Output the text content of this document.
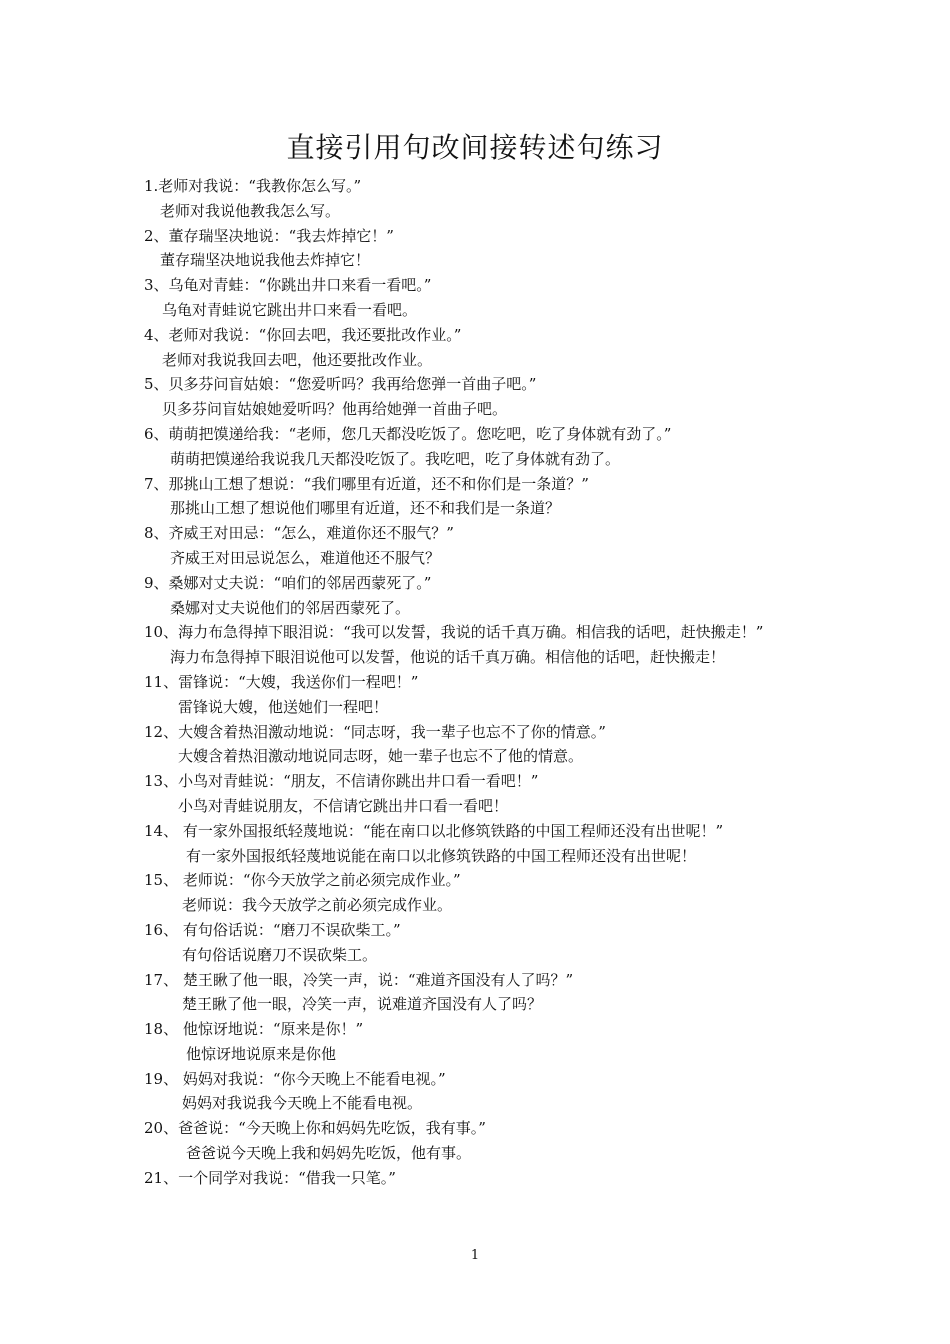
直接引用句改间接转述句练习
1.老师对我说：“我教你怎么写。”
老师对我说他教我怎么写。
2、董存瑞坚决地说：“我去炸掉它！”
董存瑞坚决地说我他去炸掉它！
3、乌龟对青蛙：“你跳出井口来看一看吧。”
乌龟对青蛙说它跳出井口来看一看吧。
4、老师对我说：“你回去吧，我还要批改作业。”
老师对我说我回去吧，他还要批改作业。
5、贝多芬问盲姑娘：“您爱听吗？我再给您弹一首曲子吧。”
贝多芬问盲姑娘她爱听吗？他再给她弹一首曲子吧。
6、萌萌把馍递给我：“老师，您几天都没吃饭了。您吃吧，吃了身体就有劲了。”
萌萌把馍递给我说我几天都没吃饭了。我吃吧，吃了身体就有劲了。
7、那挑山工想了想说：“我们哪里有近道，还不和你们是一条道？”
那挑山工想了想说他们哪里有近道，还不和我们是一条道？
8、齐威王对田忌：“怎么，难道你还不服气？”
齐威王对田忌说怎么，难道他还不服气？
9、桑娜对丈夫说：“咱们的邻居西蒙死了。”
桑娜对丈夫说他们的邻居西蒙死了。
10、海力布急得掉下眼泪说：“我可以发誓，我说的话千真万确。相信我的话吧，赶快搬走！”
海力布急得掉下眼泪说他可以发誓，他说的话千真万确。相信他的话吧，赶快搬走！
11、雷锋说：“大嫂，我送你们一程吧！”
雷锋说大嫂，他送她们一程吧！
12、大嫂含着热泪激动地说：“同志呀，我一辈子也忘不了你的情意。”
大嫂含着热泪激动地说同志呀，她一辈子也忘不了他的情意。
13、小鸟对青蛙说：“朋友，不信请你跳出井口看一看吧！”
小鸟对青蛙说朋友，不信请它跳出井口看一看吧！
14、 有一家外国报纸轻蔑地说：“能在南口以北修筑铁路的中国工程师还没有出世呢！”
有一家外国报纸轻蔑地说能在南口以北修筑铁路的中国工程师还没有出世呢！
15、 老师说：“你今天放学之前必须完成作业。”
老师说：我今天放学之前必须完成作业。
16、 有句俗话说：“磨刀不误砍柴工。”
有句俗话说磨刀不误砍柴工。
17、 楚王瞅了他一眼，冷笑一声，说：“难道齐国没有人了吗？”
楚王瞅了他一眼，冷笑一声，说难道齐国没有人了吗？
18、 他惊讶地说：“原来是你！”
他惊讶地说原来是你他
19、 妈妈对我说：“你今天晚上不能看电视。”
妈妈对我说我今天晚上不能看电视。
20、爸爸说：“今天晚上你和妈妈先吃饭，我有事。”
爸爸说今天晚上我和妈妈先吃饭，他有事。
21、一个同学对我说：“借我一只笔。”
1
